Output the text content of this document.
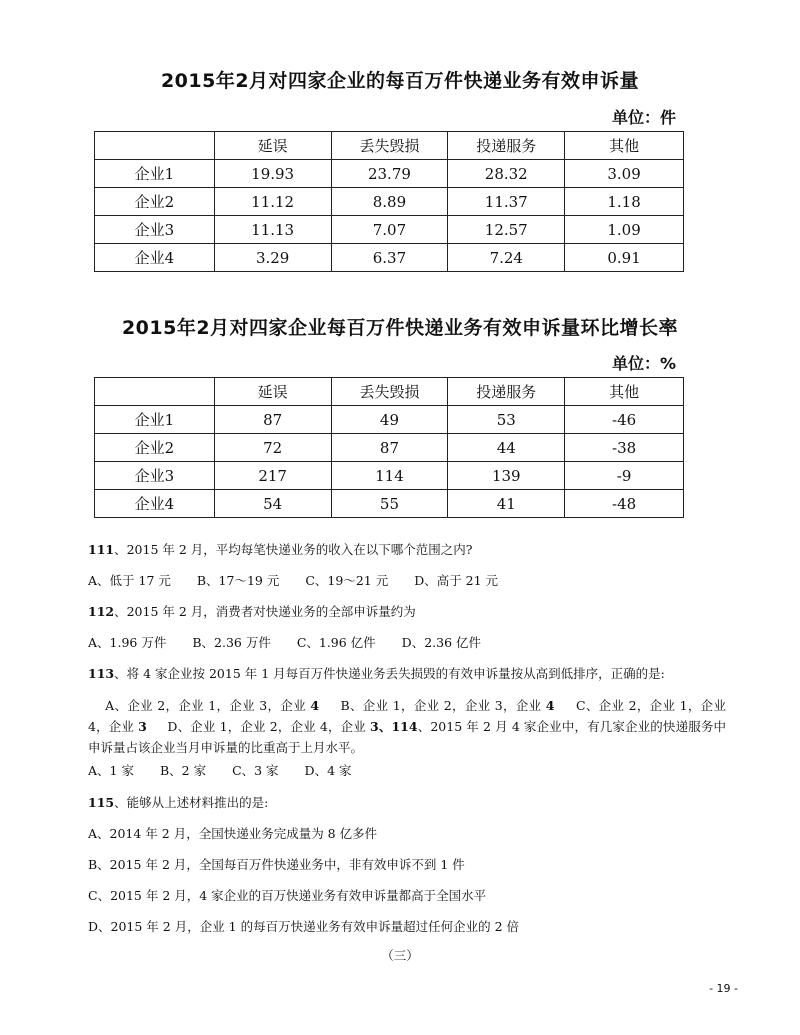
2015年2月对四家企业的每百万件快递业务有效申诉量
单位：件
	延误	丢失毁损	投递服务	其他
企业1	19.93	23.79	28.32	3.09
企业2	11.12	8.89	11.37	1.18
企业3	11.13	7.07	12.57	1.09
企业4	3.29	6.37	7.24	0.91
2015年2月对四家企业每百万件快递业务有效申诉量环比增长率
单位：%
	延误	丢失毁损	投递服务	其他
企业1	87	49	53	-46
企业2	72	87	44	-38
企业3	217	114	139	-9
企业4	54	55	41	-48
111、2015 年 2 月，平均每笔快递业务的收入在以下哪个范围之内?
A、低于 17 元 B、17～19 元 C、19～21 元 D、高于 21 元
112、2015 年 2 月，消费者对快递业务的全部申诉量约为
A、1.96 万件 B、2.36 万件 C、1.96 亿件 D、2.36 亿件
113、将 4 家企业按 2015 年 1 月每百万件快递业务丢失损毁的有效申诉量按从高到低排序，正确的是:
A、企业 2，企业 1，企业 3，企业 4 B、企业 1，企业 2，企业 3，企业 4 C、企业 2，企业 1，企业 4，企业 3 D、企业 1，企业 2，企业 4，企业 3、114、2015 年 2 月 4 家企业中，有几家企业的快递服务中申诉量占该企业当月申诉量的比重高于上月水平。
A、1 家 B、2 家 C、3 家 D、4 家
115、能够从上述材料推出的是:
A、2014 年 2 月，全国快递业务完成量为 8 亿多件
B、2015 年 2 月，全国每百万件快递业务中，非有效申诉不到 1 件
C、2015 年 2 月，4 家企业的百万快递业务有效申诉量都高于全国水平
D、2015 年 2 月，企业 1 的每百万快递业务有效申诉量超过任何企业的 2 倍
（三）
- 19 -
